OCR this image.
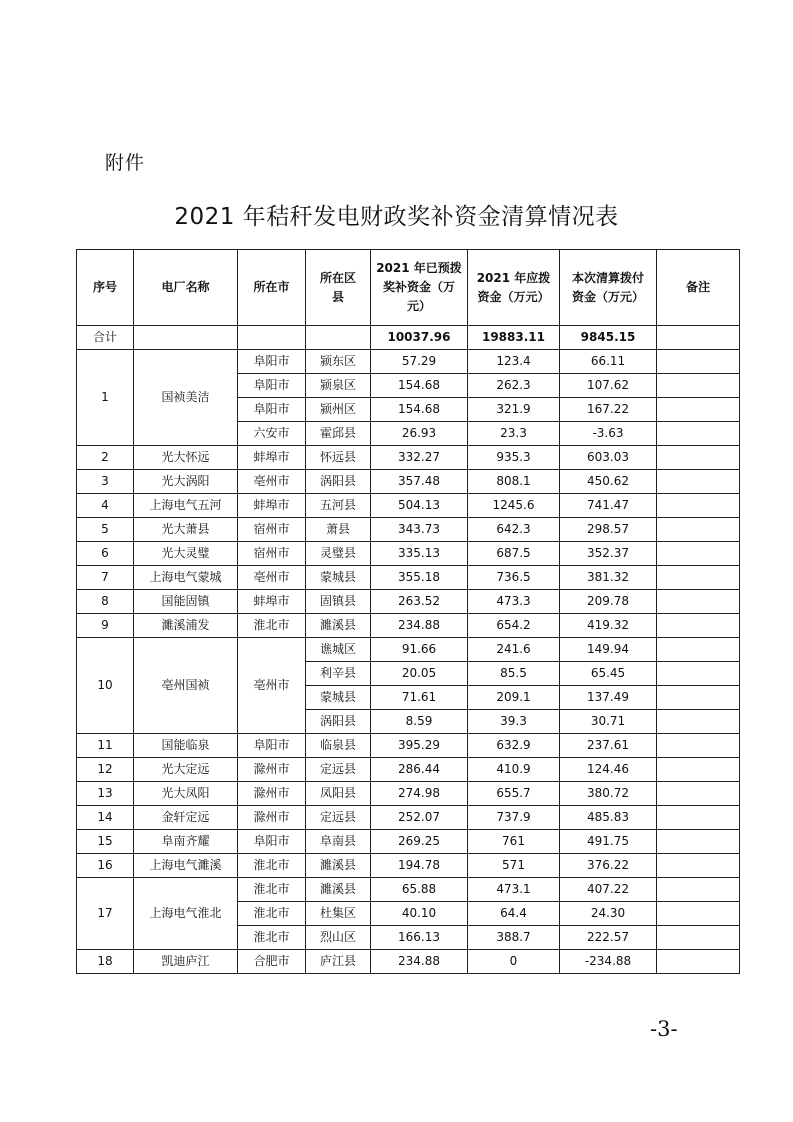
附件
2021 年秸秆发电财政奖补资金清算情况表
序号	电厂名称	所在市	所在区县	2021 年已预拨奖补资金（万元）	2021 年应拨资金（万元）	本次清算拨付资金（万元）	备注
合计				10037.96	19883.11	9845.15	
1	国祯美洁	阜阳市	颍东区	57.29	123.4	66.11	
		阜阳市	颍泉区	154.68	262.3	107.62	
		阜阳市	颍州区	154.68	321.9	167.22	
		六安市	霍邱县	26.93	23.3	-3.63	
2	光大怀远	蚌埠市	怀远县	332.27	935.3	603.03	
3	光大涡阳	亳州市	涡阳县	357.48	808.1	450.62	
4	上海电气五河	蚌埠市	五河县	504.13	1245.6	741.47	
5	光大萧县	宿州市	萧县	343.73	642.3	298.57	
6	光大灵璧	宿州市	灵璧县	335.13	687.5	352.37	
7	上海电气蒙城	亳州市	蒙城县	355.18	736.5	381.32	
8	国能固镇	蚌埠市	固镇县	263.52	473.3	209.78	
9	濉溪浦发	淮北市	濉溪县	234.88	654.2	419.32	
10	亳州国祯	亳州市	谯城区	91.66	241.6	149.94	
			利辛县	20.05	85.5	65.45	
			蒙城县	71.61	209.1	137.49	
			涡阳县	8.59	39.3	30.71	
11	国能临泉	阜阳市	临泉县	395.29	632.9	237.61	
12	光大定远	滁州市	定远县	286.44	410.9	124.46	
13	光大凤阳	滁州市	凤阳县	274.98	655.7	380.72	
14	金轩定远	滁州市	定远县	252.07	737.9	485.83	
15	阜南齐耀	阜阳市	阜南县	269.25	761	491.75	
16	上海电气濉溪	淮北市	濉溪县	194.78	571	376.22	
17	上海电气淮北	淮北市	濉溪县	65.88	473.1	407.22	
		淮北市	杜集区	40.10	64.4	24.30	
		淮北市	烈山区	166.13	388.7	222.57	
18	凯迪庐江	合肥市	庐江县	234.88	0	-234.88	
-3-
